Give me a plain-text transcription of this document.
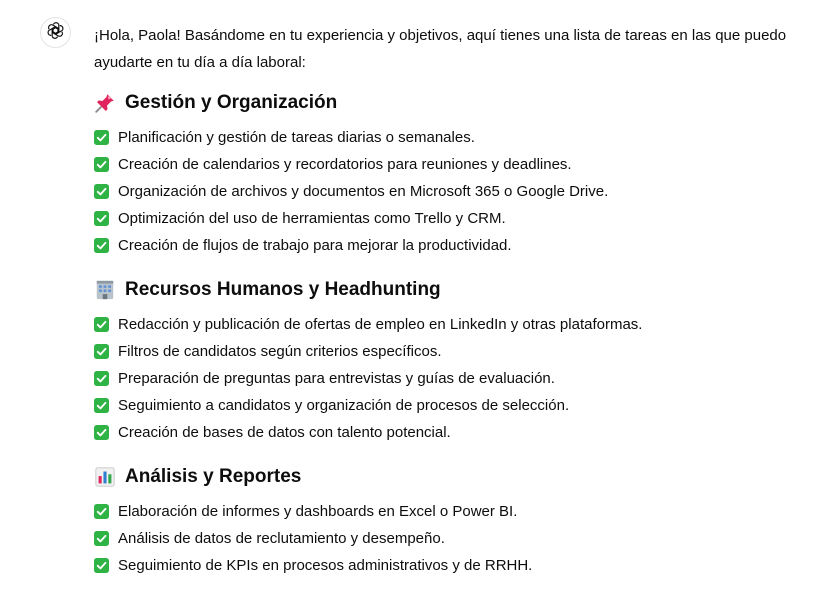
¡Hola, Paola! Basándome en tu experiencia y objetivos, aquí tienes una lista de tareas en las que puedo ayudarte en tu día a día laboral:

Gestión y Organización
Planificación y gestión de tareas diarias o semanales.
Creación de calendarios y recordatorios para reuniones y deadlines.
Organización de archivos y documentos en Microsoft 365 o Google Drive.
Optimización del uso de herramientas como Trello y CRM.
Creación de flujos de trabajo para mejorar la productividad.
Recursos Humanos y Headhunting
Redacción y publicación de ofertas de empleo en LinkedIn y otras plataformas.
Filtros de candidatos según criterios específicos.
Preparación de preguntas para entrevistas y guías de evaluación.
Seguimiento a candidatos y organización de procesos de selección.
Creación de bases de datos con talento potencial.
Análisis y Reportes
Elaboración de informes y dashboards en Excel o Power BI.
Análisis de datos de reclutamiento y desempeño.
Seguimiento de KPIs en procesos administrativos y de RRHH.
